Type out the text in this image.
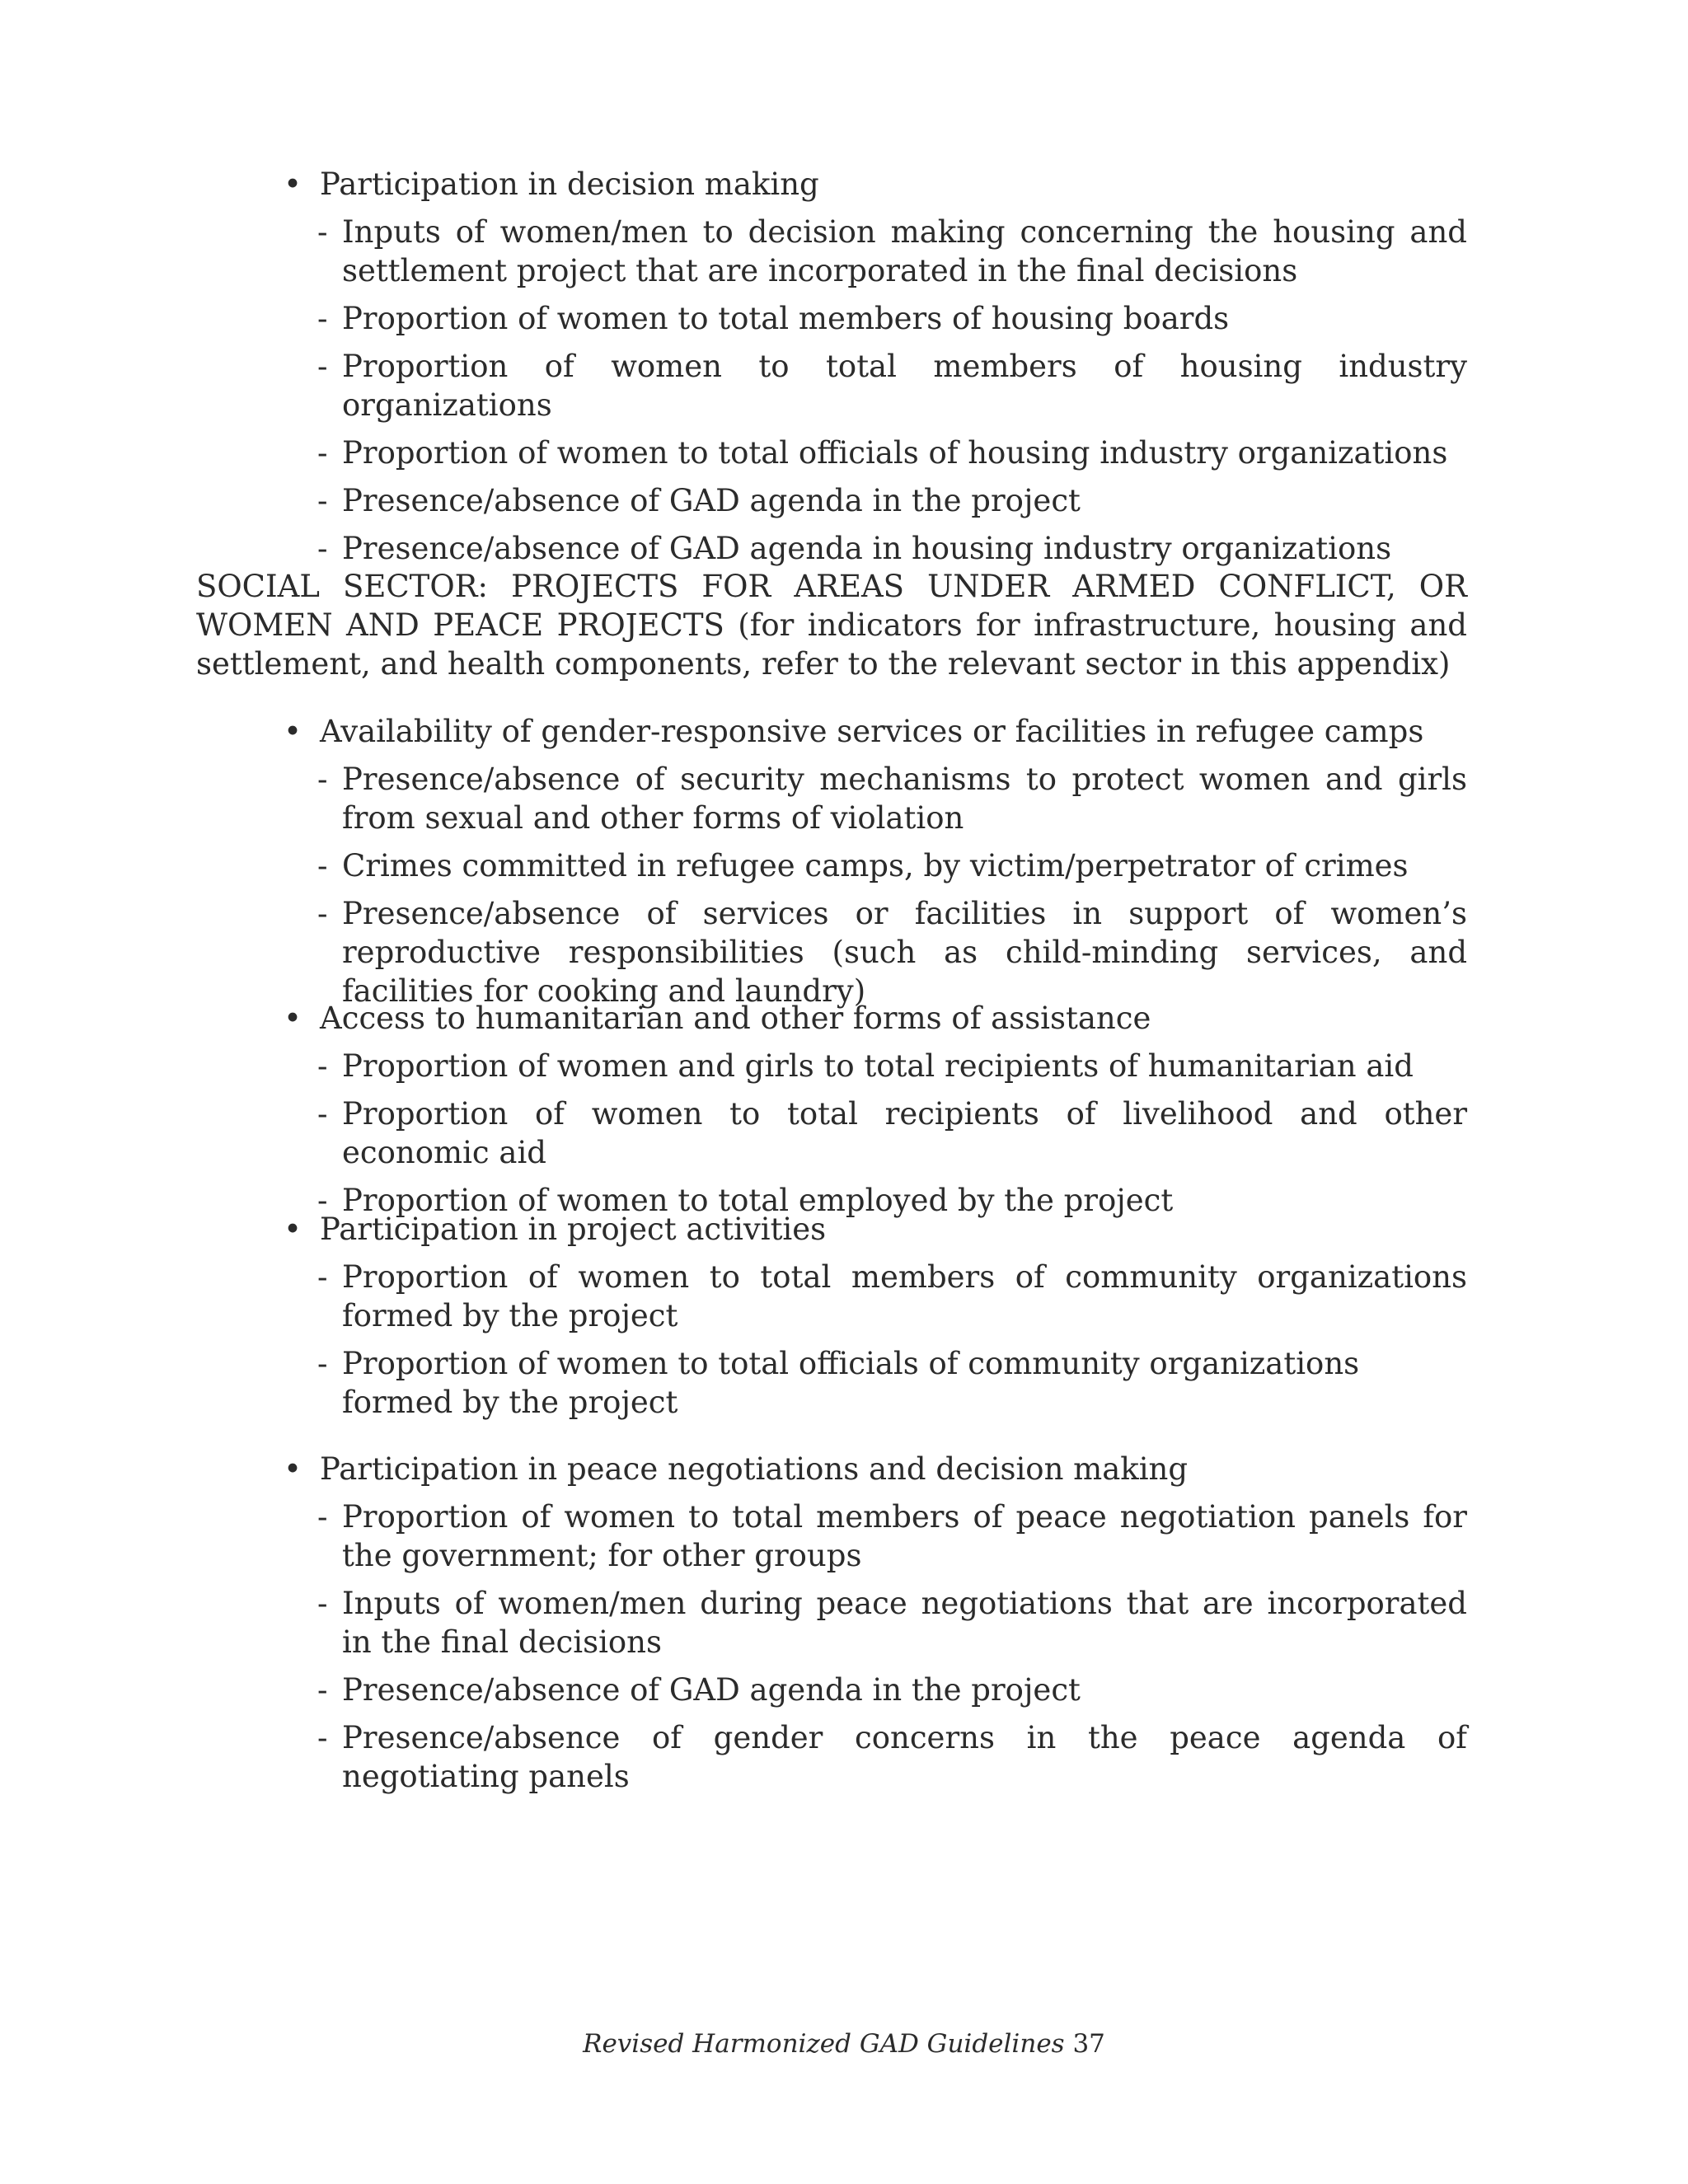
• Participation in decision making

- Inputs of women/men to decision making concerning the housing and settlement project that are incorporated in the final decisions

- Proportion of women to total members of housing boards

- Proportion of women to total members of housing industry organizations

- Proportion of women to total officials of housing industry organizations

- Presence/absence of GAD agenda in the project

- Presence/absence of GAD agenda in housing industry organizations

SOCIAL SECTOR: PROJECTS FOR AREAS UNDER ARMED CONFLICT, OR WOMEN AND PEACE PROJECTS (for indicators for infrastructure, housing and settlement, and health components, refer to the relevant sector in this appendix)

• Availability of gender-responsive services or facilities in refugee camps

- Presence/absence of security mechanisms to protect women and girls from sexual and other forms of violation

- Crimes committed in refugee camps, by victim/perpetrator of crimes

- Presence/absence of services or facilities in support of women’s reproductive responsibilities (such as child-minding services, and facilities for cooking and laundry)

• Access to humanitarian and other forms of assistance

- Proportion of women and girls to total recipients of humanitarian aid

- Proportion of women to total recipients of livelihood and other economic aid

- Proportion of women to total employed by the project

• Participation in project activities

- Proportion of women to total members of community organizations formed by the project

- Proportion of women to total officials of community organizations formed by the project

• Participation in peace negotiations and decision making

- Proportion of women to total members of peace negotiation panels for the government; for other groups

- Inputs of women/men during peace negotiations that are incorporated in the final decisions

- Presence/absence of GAD agenda in the project

- Presence/absence of gender concerns in the peace agenda of negotiating panels

Revised Harmonized GAD Guidelines 37
